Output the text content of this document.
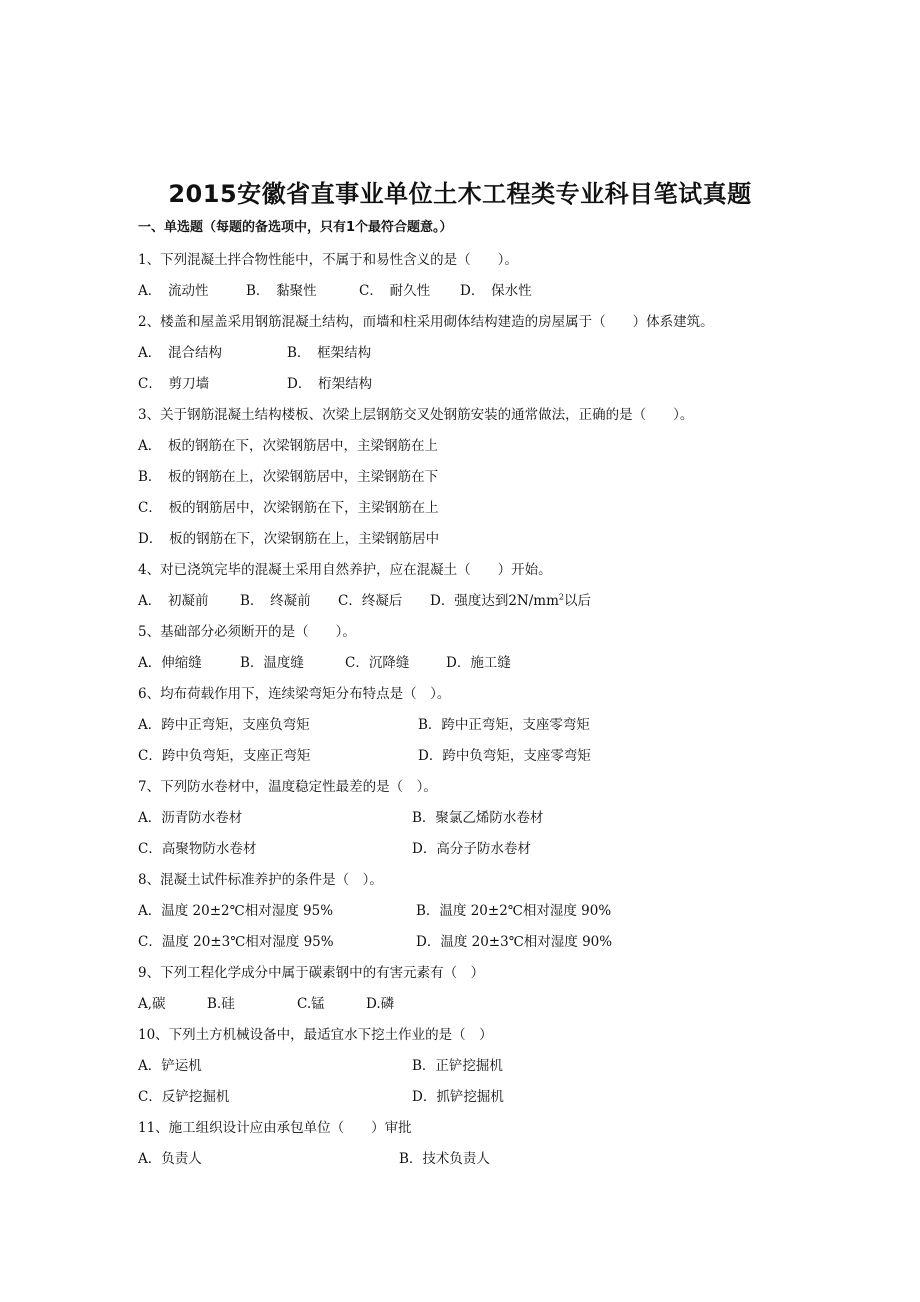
2015安徽省直事业单位土木工程类专业科目笔试真题
一、单选题（每题的备选项中，只有1个最符合题意。）
1、下列混凝土拌合物性能中，不属于和易性含义的是（　　）。
A．　流动性	B．　黏聚性	C．　耐久性 D．　保水性
2、楼盖和屋盖采用钢筋混凝土结构，而墙和柱采用砌体结构建造的房屋属于（　　）体系建筑。
A．　混合结构	B．　框架结构
C．　剪刀墙	D．　桁架结构
3、关于钢筋混凝土结构楼板、次梁上层钢筋交叉处钢筋安装的通常做法，正确的是（　　）。
A．　板的钢筋在下，次梁钢筋居中，主梁钢筋在上
B．　板的钢筋在上，次梁钢筋居中，主梁钢筋在下
C．　板的钢筋居中，次梁钢筋在下，主梁钢筋在上
D．　板的钢筋在下，次梁钢筋在上，主梁钢筋居中
4、对已浇筑完毕的混凝土采用自然养护，应在混凝土（　　）开始。
A．　初凝前 B．　终凝前 C．终凝后 D．强度达到$2N/mm^2$以后
5、基础部分必须断开的是（　　）。
A．伸缩缝	B．温度缝	C．沉降缝	D．施工缝
6、均布荷载作用下，连续梁弯矩分布特点是（　）。
A．跨中正弯矩，支座负弯矩	B．跨中正弯矩，支座零弯矩
C．跨中负弯矩，支座正弯矩	D．跨中负弯矩，支座零弯矩
7、下列防水卷材中，温度稳定性最差的是（　）。
A．沥青防水卷材	B．聚氯乙烯防水卷材
C．高聚物防水卷材	D．高分子防水卷材
8、混凝土试件标准养护的条件是（　）。
A．温度 20±2℃相对湿度 95%	B．温度 20±2℃相对湿度 90%
C．温度 20±3℃相对湿度 95%	D．温度 20±3℃相对湿度 90%
9、下列工程化学成分中属于碳素钢中的有害元素有（　）
A,碳	B.硅	C.锰	D.磷
10、下列土方机械设备中，最适宜水下挖土作业的是（　）
A．铲运机	B．正铲挖掘机
C．反铲挖掘机	D．抓铲挖掘机
11、施工组织设计应由承包单位（　　）审批
A．负责人	B．技术负责人
